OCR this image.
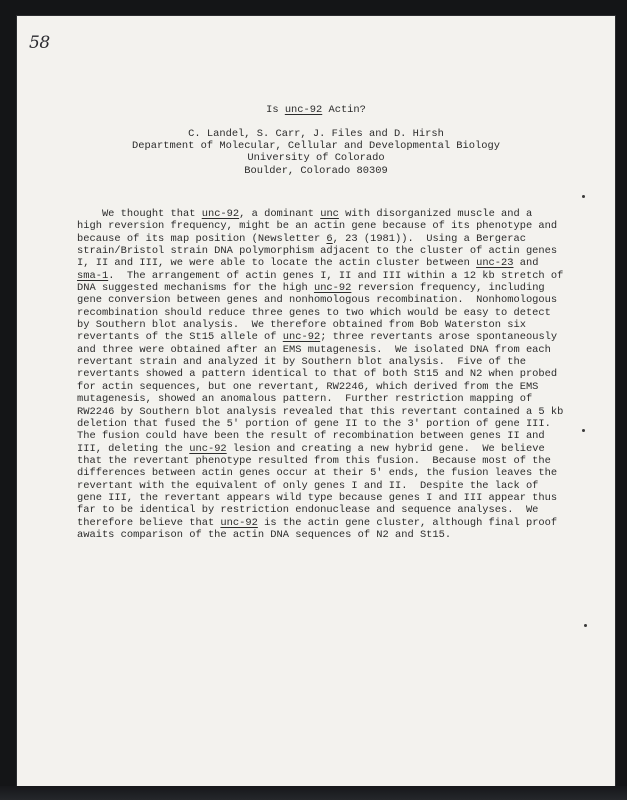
58
Is unc-92 Actin?
C. Landel, S. Carr, J. Files and D. Hirsh
Department of Molecular, Cellular and Developmental Biology
University of Colorado
Boulder, Colorado 80309
We thought that unc-92, a dominant unc with disorganized muscle and a
high reversion frequency, might be an actin gene because of its phenotype and
because of its map position (Newsletter 6, 23 (1981)).  Using a Bergerac
strain/Bristol strain DNA polymorphism adjacent to the cluster of actin genes
I, II and III, we were able to locate the actin cluster between unc-23 and
sma-1.  The arrangement of actin genes I, II and III within a 12 kb stretch of
DNA suggested mechanisms for the high unc-92 reversion frequency, including
gene conversion between genes and nonhomologous recombination.  Nonhomologous
recombination should reduce three genes to two which would be easy to detect
by Southern blot analysis.  We therefore obtained from Bob Waterston six
revertants of the St15 allele of unc-92; three revertants arose spontaneously
and three were obtained after an EMS mutagenesis.  We isolated DNA from each
revertant strain and analyzed it by Southern blot analysis.  Five of the
revertants showed a pattern identical to that of both St15 and N2 when probed
for actin sequences, but one revertant, RW2246, which derived from the EMS
mutagenesis, showed an anomalous pattern.  Further restriction mapping of
RW2246 by Southern blot analysis revealed that this revertant contained a 5 kb
deletion that fused the 5' portion of gene II to the 3' portion of gene III.
The fusion could have been the result of recombination between genes II and
III, deleting the unc-92 lesion and creating a new hybrid gene.  We believe
that the revertant phenotype resulted from this fusion.  Because most of the
differences between actin genes occur at their 5' ends, the fusion leaves the
revertant with the equivalent of only genes I and II.  Despite the lack of
gene III, the revertant appears wild type because genes I and III appear thus
far to be identical by restriction endonuclease and sequence analyses.  We
therefore believe that unc-92 is the actin gene cluster, although final proof
awaits comparison of the actin DNA sequences of N2 and St15.
